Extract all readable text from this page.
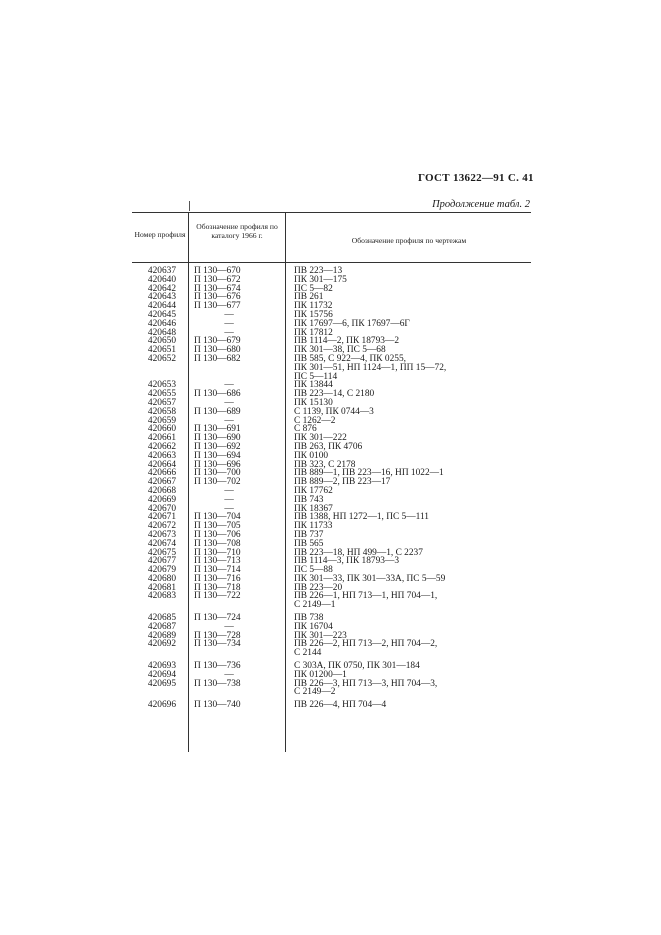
ГОСТ 13622—91 С. 41
Продолжение табл. 2
Номер профиля
Обозначение профиля по каталогу 1966 г.
Обозначение профиля по чертежам
420637	П 130—670	ПВ 223—13
420640	П 130—672	ПК 301—175
420642	П 130—674	ПС 5—82
420643	П 130—676	ПВ 261
420644	П 130—677	ПК 11732
420645	—	ПК 15756
420646	—	ПК 17697—6, ПК 17697—6Г
420648	—	ПК 17812
420650	П 130—679	ПВ 1114—2, ПК 18793—2
420651	П 130—680	ПК 301—38, ПС 5—68
420652	П 130—682	ПВ 585, С 922—4, ПК 0255,
ПК 301—51, НП 1124—1, ПП 15—72,
ПС 5—114
420653	—	ПК 13844
420655	П 130—686	ПВ 223—14, С 2180
420657	—	ПК 15130
420658	П 130—689	С 1139, ПК 0744—3
420659	—	С 1262—2
420660	П 130—691	С 876
420661	П 130—690	ПК 301—222
420662	П 130—692	ПВ 263, ПК 4706
420663	П 130—694	ПК 0100
420664	П 130—696	ПВ 323, С 2178
420666	П 130—700	ПВ 889—1, ПВ 223—16, НП 1022—1
420667	П 130—702	ПВ 889—2, ПВ 223—17
420668	—	ПК 17762
420669	—	ПВ 743
420670	—	ПК 18367
420671	П 130—704	ПВ 1388, НП 1272—1, ПС 5—111
420672	П 130—705	ПК 11733
420673	П 130—706	ПВ 737
420674	П 130—708	ПВ 565
420675	П 130—710	ПВ 223—18, НП 499—1, С 2237
420677	П 130—713	ПВ 1114—3, ПК 18793—3
420679	П 130—714	ПС 5—88
420680	П 130—716	ПК 301—33, ПК 301—33А, ПС 5—59
420681	П 130—718	ПВ 223—20
420683	П 130—722	ПВ 226—1, НП 713—1, НП 704—1,
С 2149—1
420685	П 130—724	ПВ 738
420687	—	ПК 16704
420689	П 130—728	ПК 301—223
420692	П 130—734	ПВ 226—2, НП 713—2, НП 704—2,
С 2144
420693	П 130—736	С 303А, ПК 0750, ПК 301—184
420694	—	ПК 01200—1
420695	П 130—738	ПВ 226—3, НП 713—3, НП 704—3,
С 2149—2
420696	П 130—740	ПВ 226—4, НП 704—4
